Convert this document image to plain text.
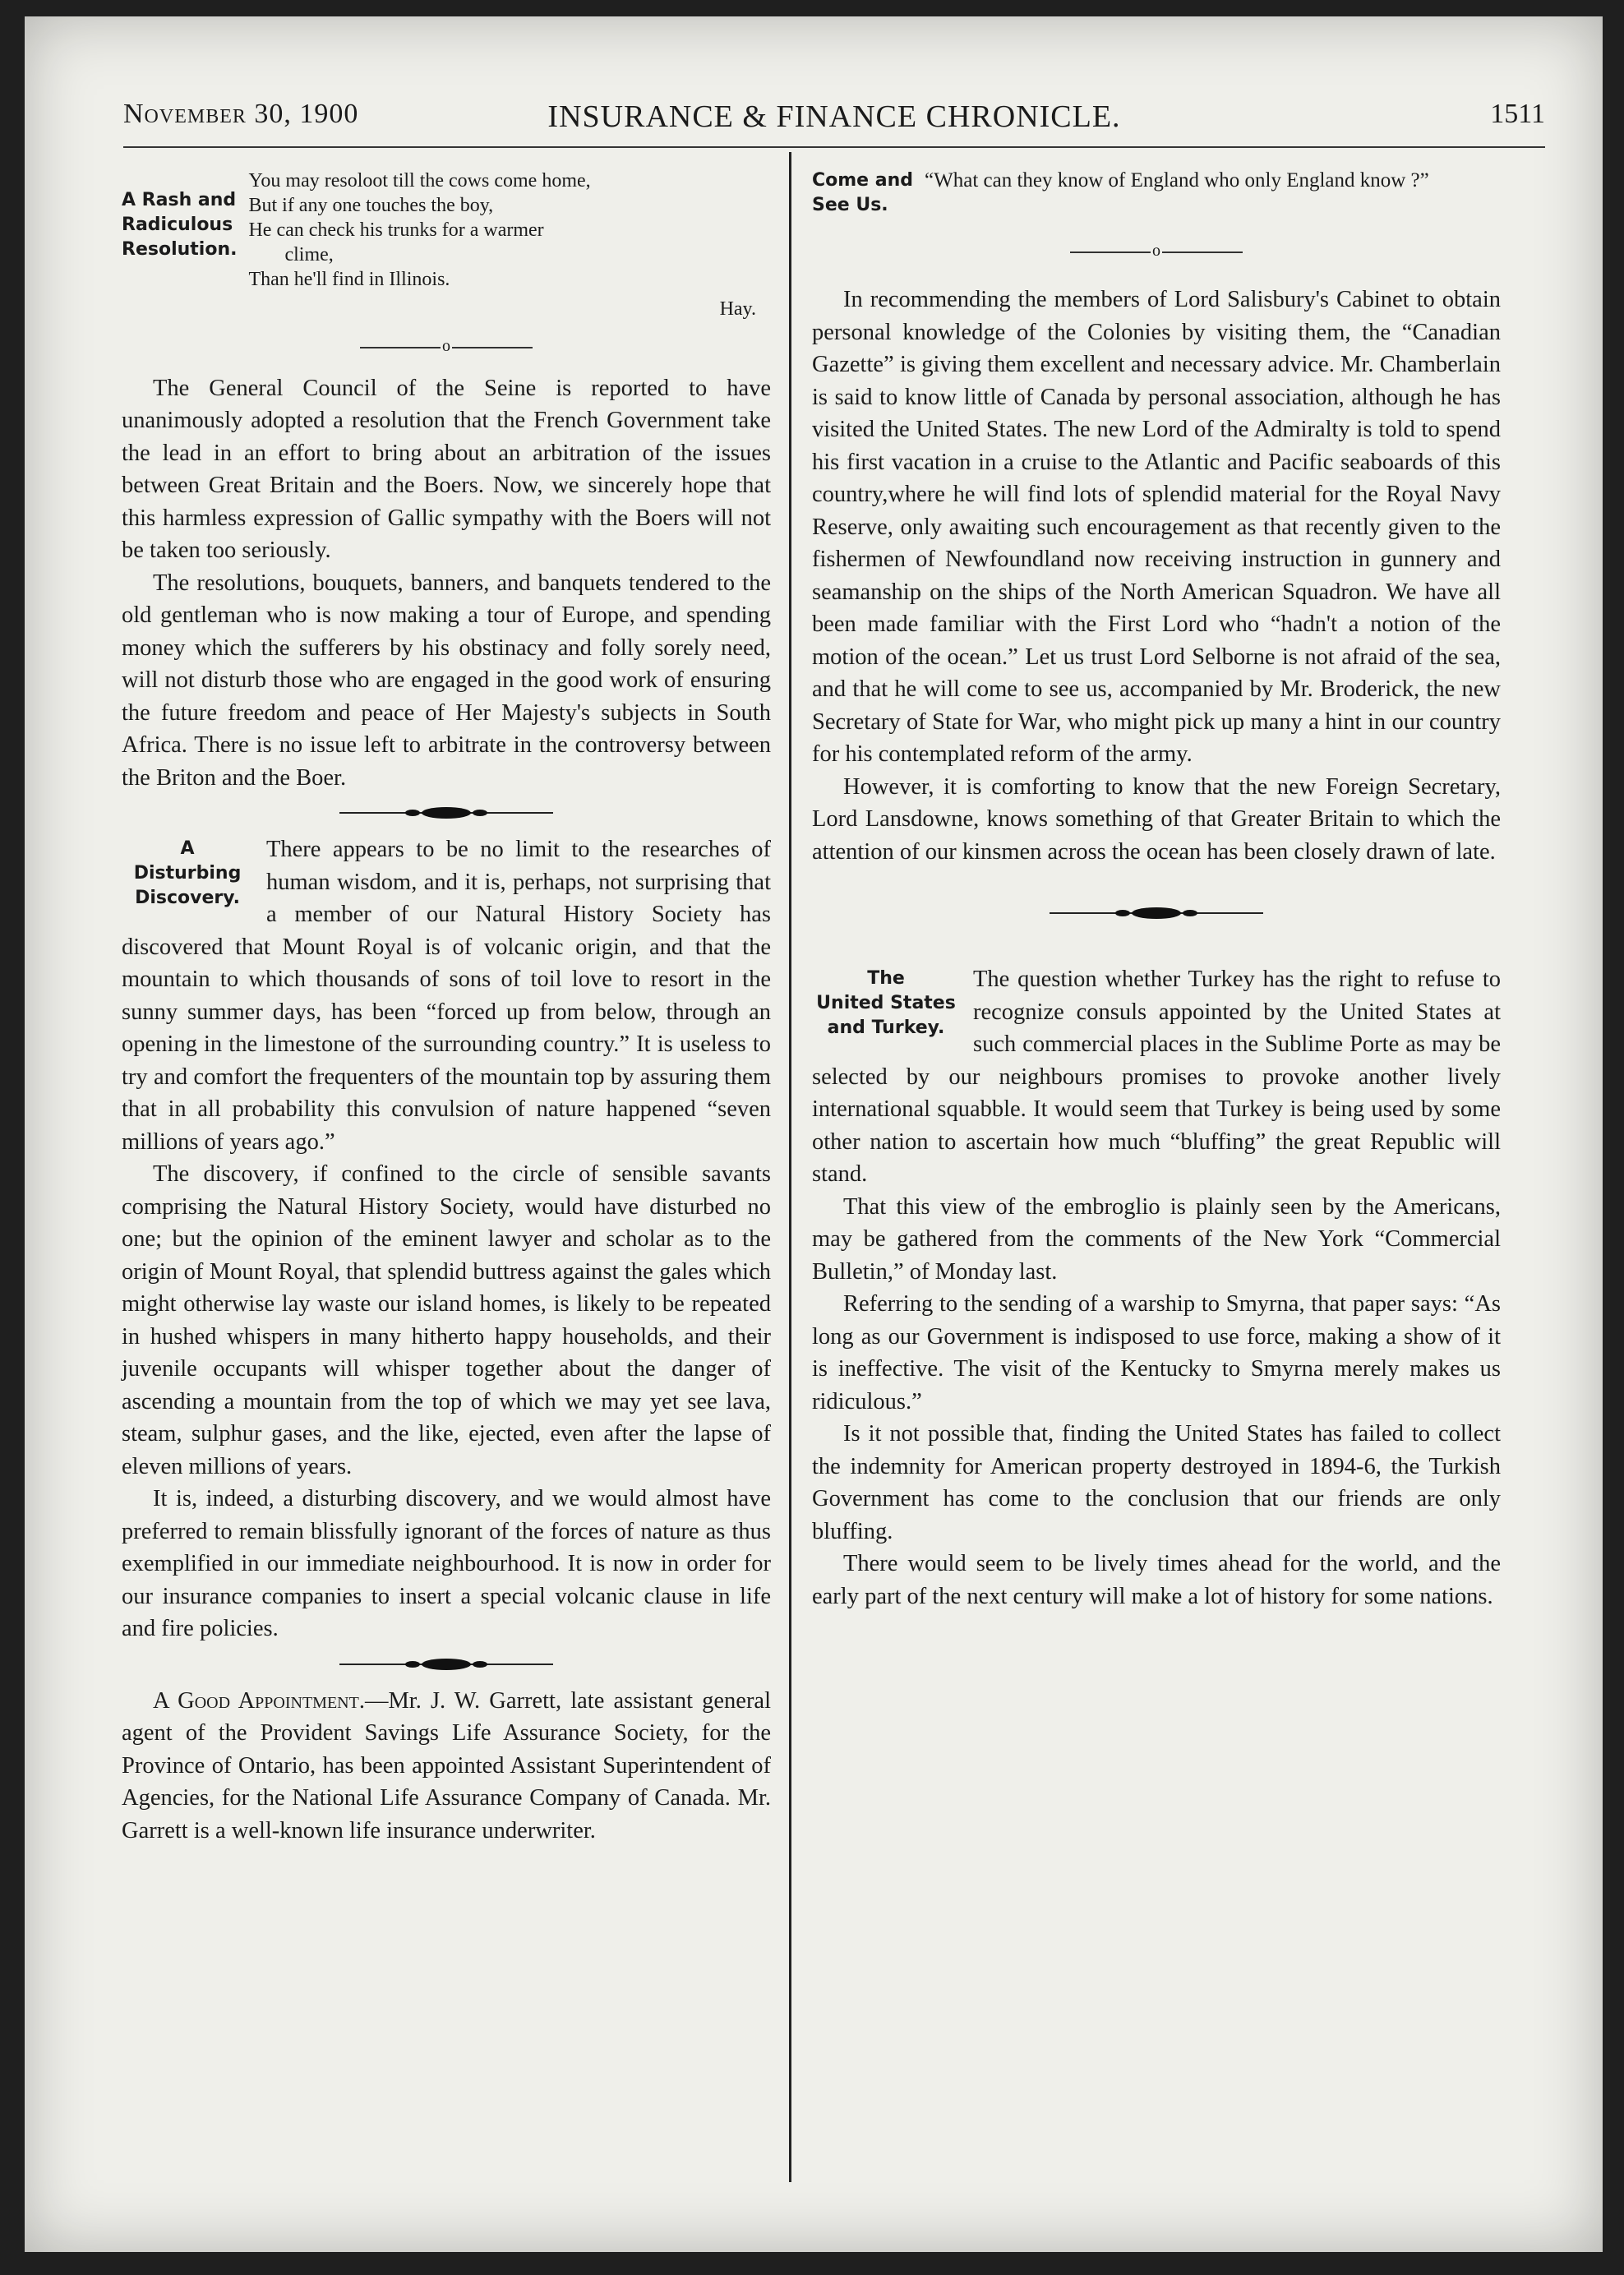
November 30, 1900	INSURANCE & FINANCE CHRONICLE.	1511
A Rash and
Radiculous
Resolution.
You may resoloot till the cows come home,
But if any one touches the boy,
He can check his trunks for a warmer
clime,
Than he'll find in Illinois.
Hay.
o

The General Council of the Seine is reported to have unanimously adopted a resolution that the French Government take the lead in an effort to bring about an arbitration of the issues between Great Britain and the Boers. Now, we sincerely hope that this harmless expression of Gallic sympathy with the Boers will not be taken too seriously.

The resolutions, bouquets, banners, and banquets tendered to the old gentleman who is now making a tour of Europe, and spending money which the sufferers by his obstinacy and folly sorely need, will not disturb those who are engaged in the good work of ensuring the future freedom and peace of Her Majesty's subjects in South Africa. There is no issue left to arbitrate in the controversy between the Briton and the Boer.

A
Disturbing
Discovery.

There appears to be no limit to the researches of human wisdom, and it is, perhaps, not surprising that a member of our Natural History Society has discovered that Mount Royal is of volcanic origin, and that the mountain to which thousands of sons of toil love to resort in the sunny summer days, has been “forced up from below, through an opening in the limestone of the surrounding country.” It is useless to try and comfort the frequenters of the mountain top by assuring them that in all probability this convulsion of nature happened “seven millions of years ago.”

The discovery, if confined to the circle of sensible savants comprising the Natural History Society, would have disturbed no one; but the opinion of the eminent lawyer and scholar as to the origin of Mount Royal, that splendid buttress against the gales which might otherwise lay waste our island homes, is likely to be repeated in hushed whispers in many hitherto happy households, and their juvenile occupants will whisper together about the danger of ascending a mountain from the top of which we may yet see lava, steam, sulphur gases, and the like, ejected, even after the lapse of eleven millions of years.

It is, indeed, a disturbing discovery, and we would almost have preferred to remain blissfully ignorant of the forces of nature as thus exemplified in our immediate neighbourhood. It is now in order for our insurance companies to insert a special volcanic clause in life and fire policies.

A Good Appointment.—Mr. J. W. Garrett, late assistant general agent of the Provident Savings Life Assurance Society, for the Province of Ontario, has been appointed Assistant Superintendent of Agencies, for the National Life Assurance Company of Canada. Mr. Garrett is a well-known life insurance underwriter.

Come and
See Us.
“What can they know of England who only England know ?”
o

In recommending the members of Lord Salisbury's Cabinet to obtain personal knowledge of the Colonies by visiting them, the “Canadian Gazette” is giving them excellent and necessary advice. Mr. Chamberlain is said to know little of Canada by personal association, although he has visited the United States. The new Lord of the Admiralty is told to spend his first vacation in a cruise to the Atlantic and Pacific seaboards of this country,where he will find lots of splendid material for the Royal Navy Reserve, only awaiting such encouragement as that recently given to the fishermen of Newfoundland now receiving instruction in gunnery and seamanship on the ships of the North American Squadron. We have all been made familiar with the First Lord who “hadn't a notion of the motion of the ocean.” Let us trust Lord Selborne is not afraid of the sea, and that he will come to see us, accompanied by Mr. Broderick, the new Secretary of State for War, who might pick up many a hint in our country for his contemplated reform of the army.

However, it is comforting to know that the new Foreign Secretary, Lord Lansdowne, knows something of that Greater Britain to which the attention of our kinsmen across the ocean has been closely drawn of late.

The
United States
and Turkey.

The question whether Turkey has the right to refuse to recognize consuls appointed by the United States at such commercial places in the Sublime Porte as may be selected by our neighbours promises to provoke another lively international squabble. It would seem that Turkey is being used by some other nation to ascertain how much “bluffing” the great Republic will stand.

That this view of the embroglio is plainly seen by the Americans, may be gathered from the comments of the New York “Commercial Bulletin,” of Monday last.

Referring to the sending of a warship to Smyrna, that paper says: “As long as our Government is indisposed to use force, making a show of it is ineffective. The visit of the Kentucky to Smyrna merely makes us ridiculous.”

Is it not possible that, finding the United States has failed to collect the indemnity for American property destroyed in 1894-6, the Turkish Government has come to the conclusion that our friends are only bluffing.

There would seem to be lively times ahead for the world, and the early part of the next century will make a lot of history for some nations.
